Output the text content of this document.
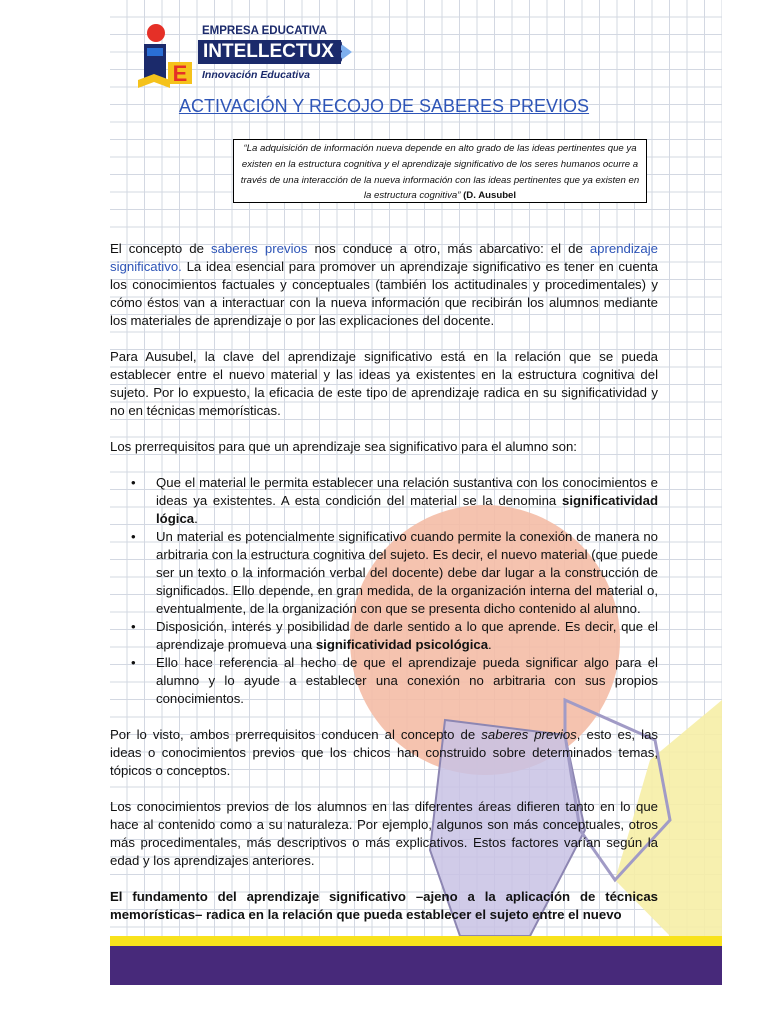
E
EMPRESA EDUCATIVA
INTELLECTUX S.A.C.
Innovación Educativa
ACTIVACIÓN Y RECOJO DE SABERES PREVIOS
“La adquisición de información nueva depende en alto grado de las ideas pertinentes que ya existen en la estructura cognitiva y el aprendizaje significativo de los seres humanos ocurre a través de una interacción de la nueva información con las ideas pertinentes que ya existen en la estructura cognitiva” (D. Ausubel

El concepto de saberes previos nos conduce a otro, más abarcativo: el de aprendizaje significativo. La idea esencial para promover un aprendizaje significativo es tener en cuenta los conocimientos factuales y conceptuales (también los actitudinales y procedimentales) y cómo éstos van a interactuar con la nueva información que recibirán los alumnos mediante los materiales de aprendizaje o por las explicaciones del docente.

Para Ausubel, la clave del aprendizaje significativo está en la relación que se pueda establecer entre el nuevo material y las ideas ya existentes en la estructura cognitiva del sujeto. Por lo expuesto, la eficacia de este tipo de aprendizaje radica en su significatividad y no en técnicas memorísticas.

Los prerrequisitos para que un aprendizaje sea significativo para el alumno son:

• Que el material le permita establecer una relación sustantiva con los conocimientos e ideas ya existentes. A esta condición del material se la denomina significatividad lógica.
• Un material es potencialmente significativo cuando permite la conexión de manera no arbitraria con la estructura cognitiva del sujeto. Es decir, el nuevo material (que puede ser un texto o la información verbal del docente) debe dar lugar a la construcción de significados. Ello depende, en gran medida, de la organización interna del material o, eventualmente, de la organización con que se presenta dicho contenido al alumno.
• Disposición, interés y posibilidad de darle sentido a lo que aprende. Es decir, que el aprendizaje promueva una significatividad psicológica.
• Ello hace referencia al hecho de que el aprendizaje pueda significar algo para el alumno y lo ayude a establecer una conexión no arbitraria con sus propios conocimientos.

Por lo visto, ambos prerrequisitos conducen al concepto de saberes previos, esto es, las ideas o conocimientos previos que los chicos han construido sobre determinados temas, tópicos o conceptos.

Los conocimientos previos de los alumnos en las diferentes áreas difieren tanto en lo que hace al contenido como a su naturaleza. Por ejemplo, algunos son más conceptuales, otros más procedimentales, más descriptivos o más explicativos. Estos factores varían según la edad y los aprendizajes anteriores.

El fundamento del aprendizaje significativo –ajeno a la aplicación de técnicas memorísticas– radica en la relación que pueda establecer el sujeto entre el nuevo
